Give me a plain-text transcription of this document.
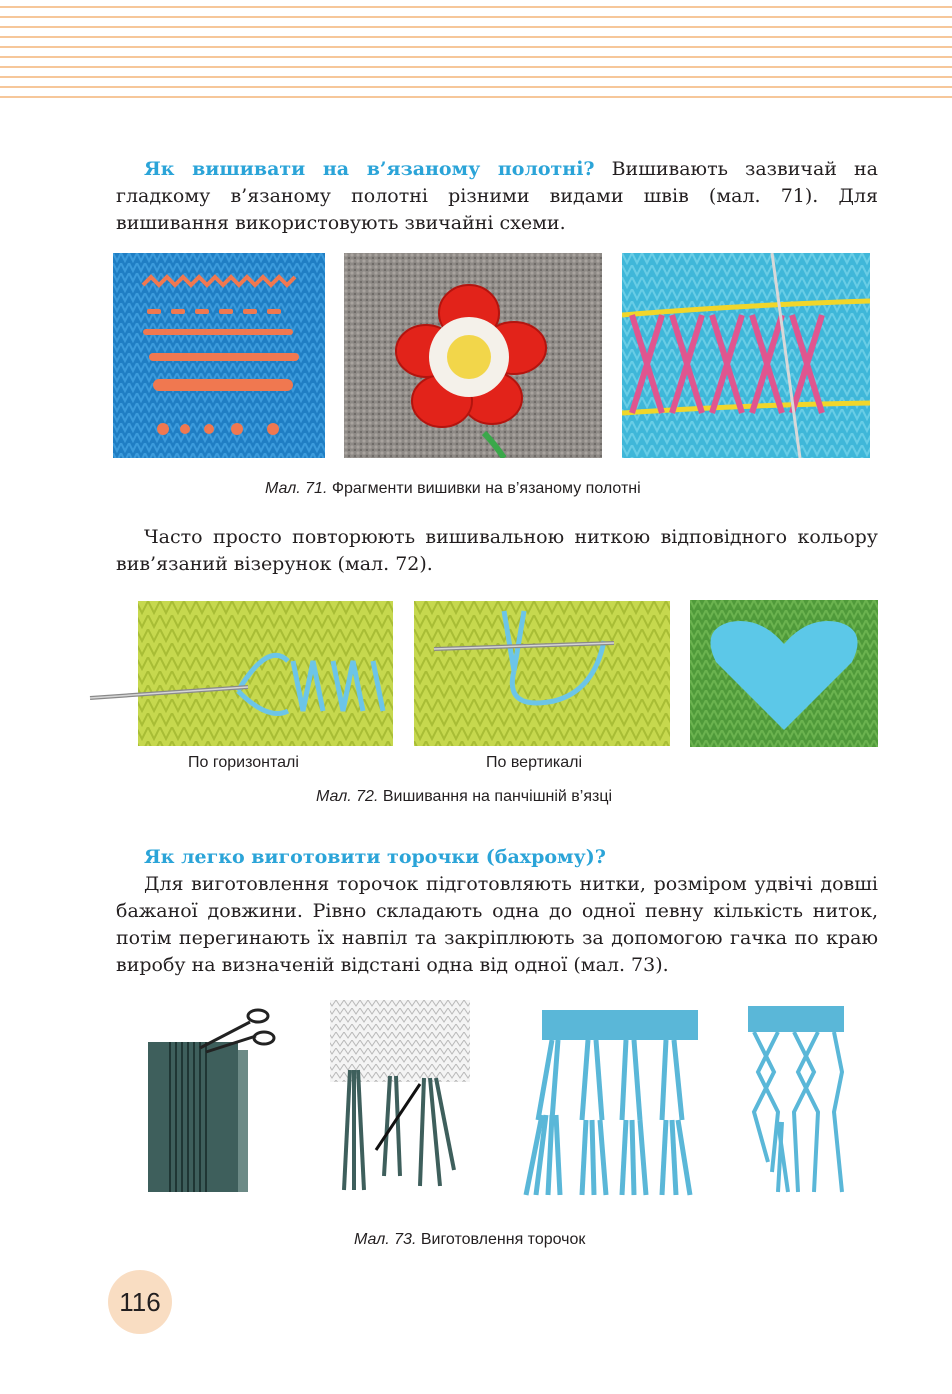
Як вишивати на в’язаному полотні? Вишивають зазвичай на гладкому в’язаному полотні різними видами швів (мал. 71). Для вишивання використовують звичайні схеми.

Мал. 71. Фрагменти вишивки на в’язаному полотні

Часто просто повторюють вишивальною ниткою відповідного кольору вив’язаний візерунок (мал. 72).

По горизонталі	По вертикалі
Мал. 72. Вишивання на панчішній в’язці

Як легко виготовити торочки (бахрому)?

Для виготовлення торочок підготовляють нитки, розміром удвічі довші бажаної довжини. Рівно складають одна до одної певну кількість ниток, потім перегинають їх навпіл та закріплюють за допомогою гачка по краю виробу на визначеній відстані одна від одної (мал. 73).

Мал. 73. Виготовлення торочок
116
